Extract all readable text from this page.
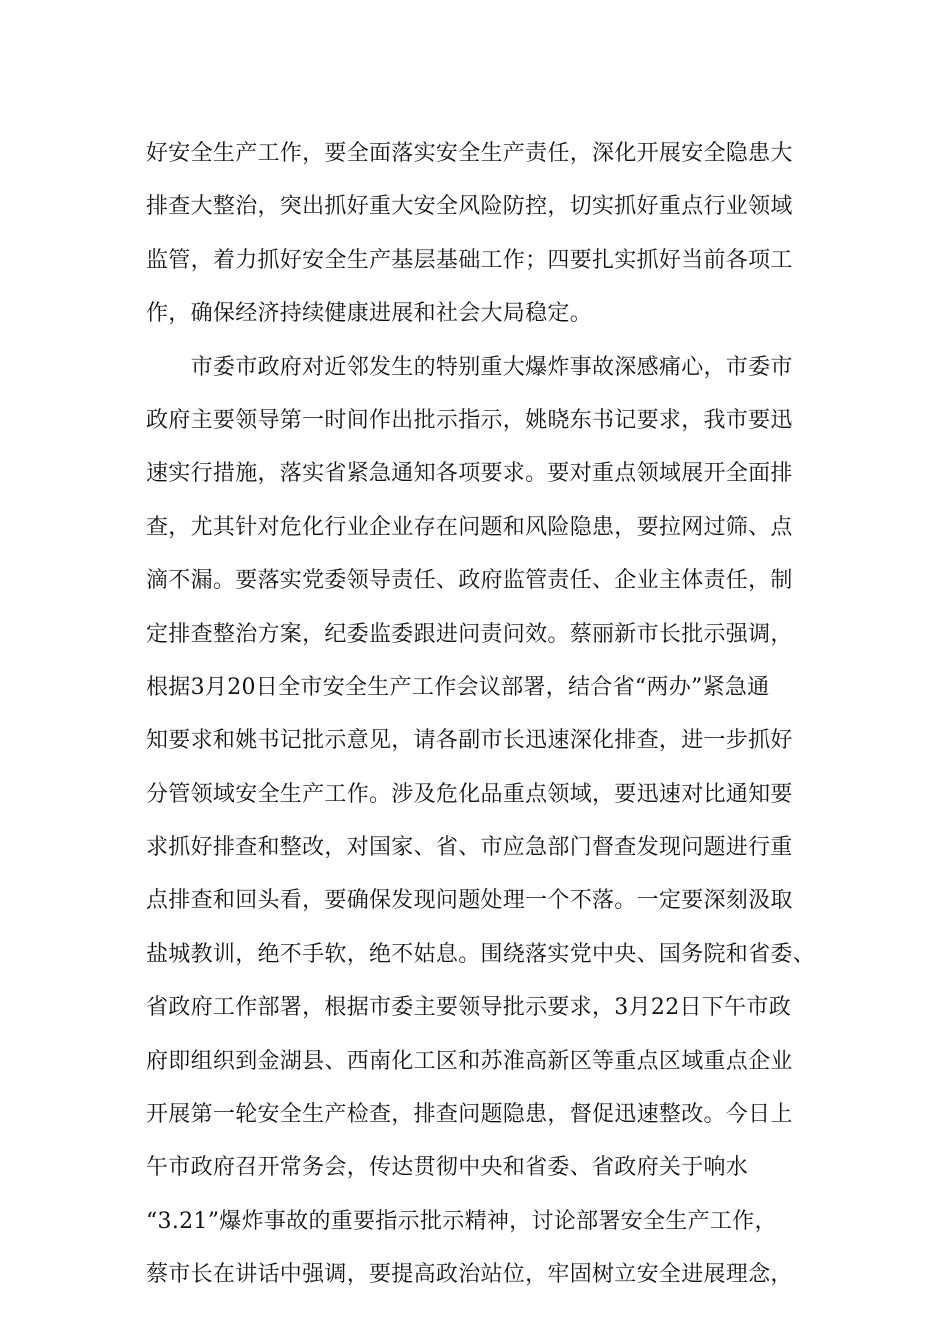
好安全生产工作，要全面落实安全生产责任，深化开展安全隐患大
排查大整治，突出抓好重大安全风险防控，切实抓好重点行业领域
监管，着力抓好安全生产基层基础工作；四要扎实抓好当前各项工
作，确保经济持续健康进展和社会大局稳定。
　　市委市政府对近邻发生的特别重大爆炸事故深感痛心，市委市
政府主要领导第一时间作出批示指示，姚晓东书记要求，我市要迅
速实行措施，落实省紧急通知各项要求。要对重点领域展开全面排
查，尤其针对危化行业企业存在问题和风险隐患，要拉网过筛、点
滴不漏。要落实党委领导责任、政府监管责任、企业主体责任，制
定排查整治方案，纪委监委跟进问责问效。蔡丽新市长批示强调，
根据3月20日全市安全生产工作会议部署，结合省“两办”紧急通
知要求和姚书记批示意见，请各副市长迅速深化排查，进一步抓好
分管领域安全生产工作。涉及危化品重点领域，要迅速对比通知要
求抓好排查和整改，对国家、省、市应急部门督查发现问题进行重
点排查和回头看，要确保发现问题处理一个不落。一定要深刻汲取
盐城教训，绝不手软，绝不姑息。围绕落实党中央、国务院和省委、
省政府工作部署，根据市委主要领导批示要求，3月22日下午市政
府即组织到金湖县、西南化工区和苏淮高新区等重点区域重点企业
开展第一轮安全生产检查，排查问题隐患，督促迅速整改。今日上
午市政府召开常务会，传达贯彻中央和省委、省政府关于响水
“3.21”爆炸事故的重要指示批示精神，讨论部署安全生产工作，
蔡市长在讲话中强调，要提高政治站位，牢固树立安全进展理念，
